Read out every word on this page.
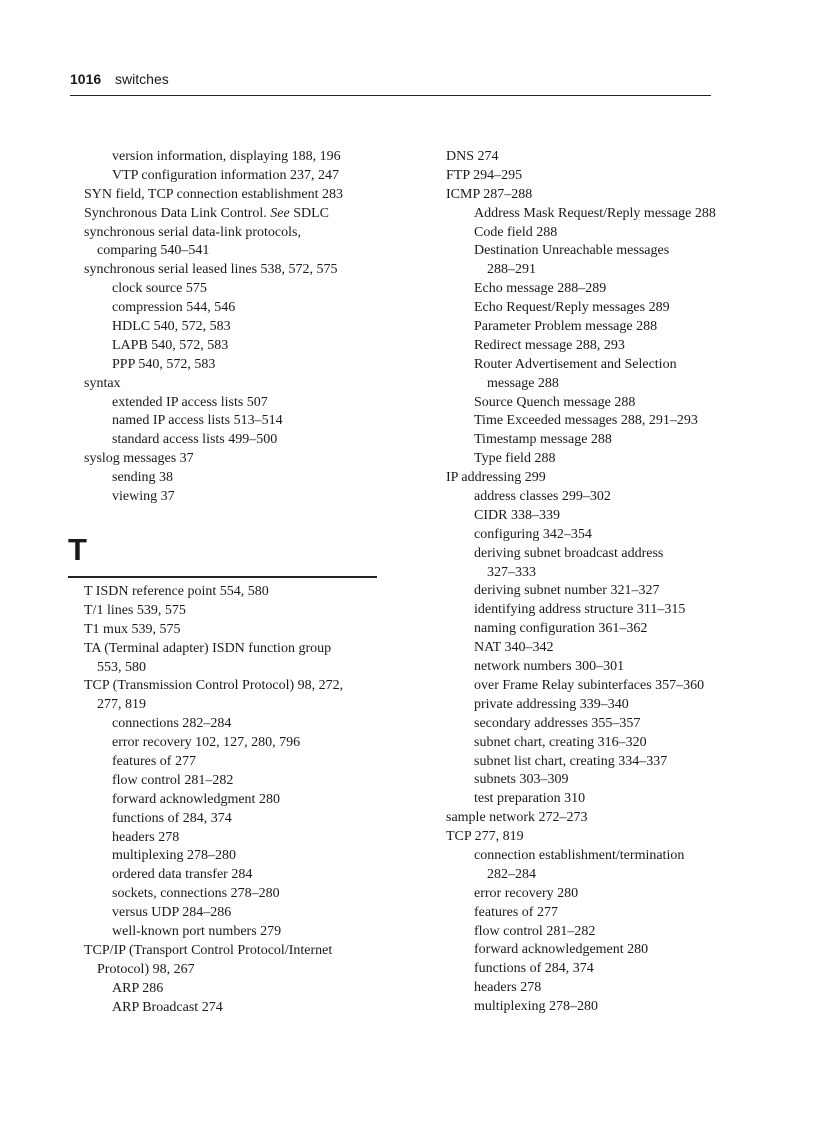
1016 switches
version information, displaying 188, 196
VTP configuration information 237, 247
SYN field, TCP connection establishment 283
Synchronous Data Link Control. See SDLC
synchronous serial data-link protocols,
comparing 540–541
synchronous serial leased lines 538, 572, 575
clock source 575
compression 544, 546
HDLC 540, 572, 583
LAPB 540, 572, 583
PPP 540, 572, 583
syntax
extended IP access lists 507
named IP access lists 513–514
standard access lists 499–500
syslog messages 37
sending 38
viewing 37
T
T ISDN reference point 554, 580
T/1 lines 539, 575
T1 mux 539, 575
TA (Terminal adapter) ISDN function group
553, 580
TCP (Transmission Control Protocol) 98, 272,
277, 819
connections 282–284
error recovery 102, 127, 280, 796
features of 277
flow control 281–282
forward acknowledgment 280
functions of 284, 374
headers 278
multiplexing 278–280
ordered data transfer 284
sockets, connections 278–280
versus UDP 284–286
well-known port numbers 279
TCP/IP (Transport Control Protocol/Internet
Protocol) 98, 267
ARP 286
ARP Broadcast 274
DNS 274
FTP 294–295
ICMP 287–288
Address Mask Request/Reply message 288
Code field 288
Destination Unreachable messages
288–291
Echo message 288–289
Echo Request/Reply messages 289
Parameter Problem message 288
Redirect message 288, 293
Router Advertisement and Selection
message 288
Source Quench message 288
Time Exceeded messages 288, 291–293
Timestamp message 288
Type field 288
IP addressing 299
address classes 299–302
CIDR 338–339
configuring 342–354
deriving subnet broadcast address
327–333
deriving subnet number 321–327
identifying address structure 311–315
naming configuration 361–362
NAT 340–342
network numbers 300–301
over Frame Relay subinterfaces 357–360
private addressing 339–340
secondary addresses 355–357
subnet chart, creating 316–320
subnet list chart, creating 334–337
subnets 303–309
test preparation 310
sample network 272–273
TCP 277, 819
connection establishment/termination
282–284
error recovery 280
features of 277
flow control 281–282
forward acknowledgement 280
functions of 284, 374
headers 278
multiplexing 278–280
